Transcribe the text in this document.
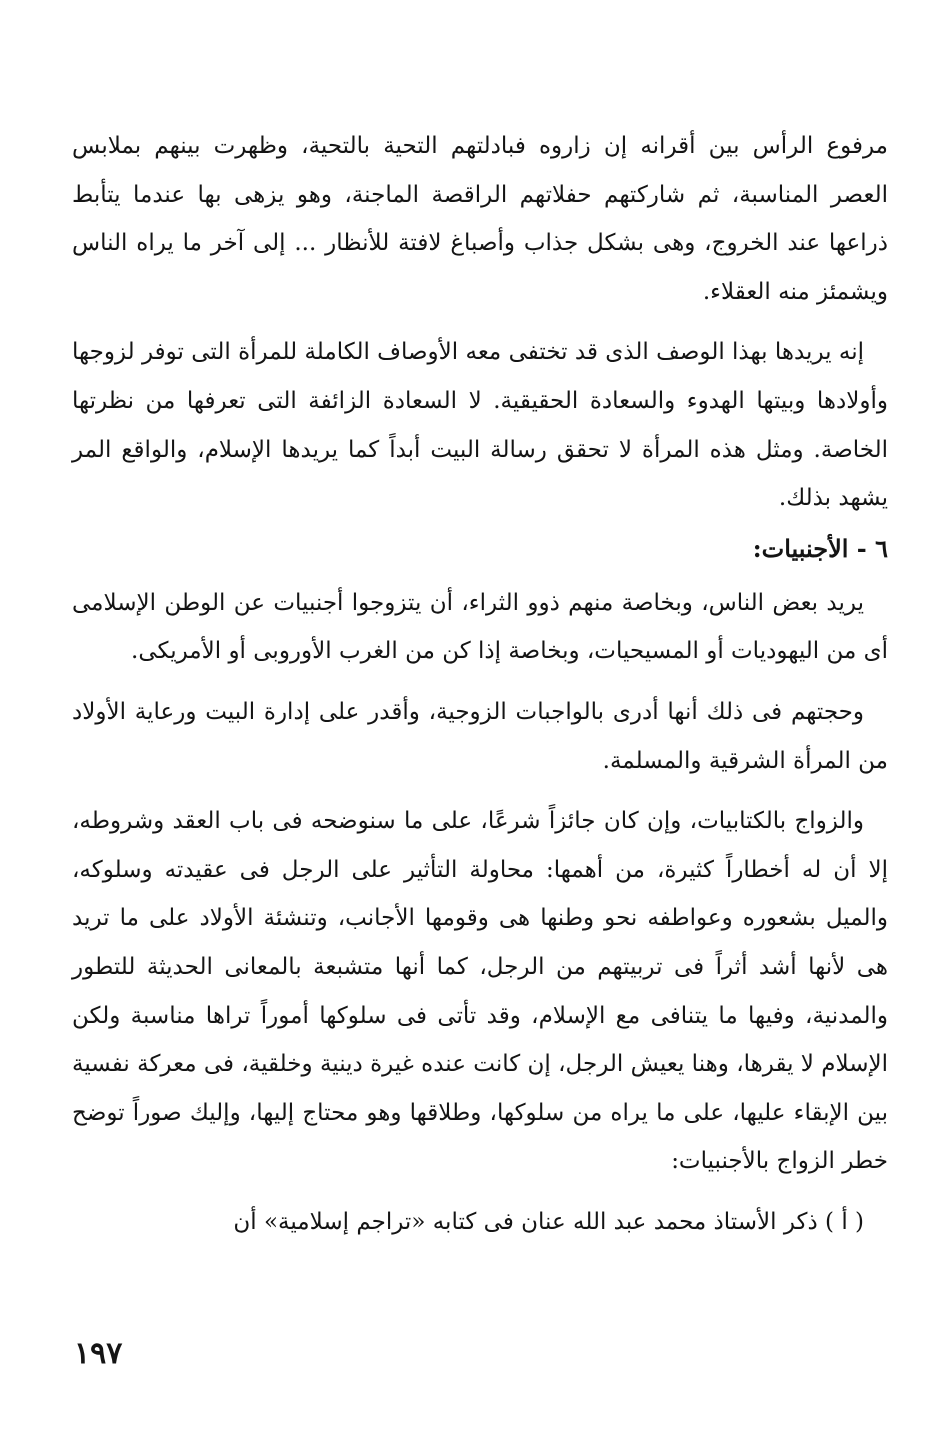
مرفوع الرأس بين أقرانه إن زاروه فبادلتهم التحية بالتحية، وظهرت بينهم بملابس العصر المناسبة، ثم شاركتهم حفلاتهم الراقصة الماجنة، وهو يزهى بها عندما يتأبط ذراعها عند الخروج، وهى بشكل جذاب وأصباغ لافتة للأنظار ... إلى آخر ما يراه الناس ويشمئز منه العقلاء.

إنه يريدها بهذا الوصف الذى قد تختفى معه الأوصاف الكاملة للمرأة التى توفر لزوجها وأولادها وبيتها الهدوء والسعادة الحقيقية. لا السعادة الزائفة التى تعرفها من نظرتها الخاصة. ومثل هذه المرأة لا تحقق رسالة البيت أبداً كما يريدها الإسلام، والواقع المر يشهد بذلك.

٦ - الأجنبيات:

يريد بعض الناس، وبخاصة منهم ذوو الثراء، أن يتزوجوا أجنبيات عن الوطن الإسلامى أى من اليهوديات أو المسيحيات، وبخاصة إذا كن من الغرب الأوروبى أو الأمريكى.

وحجتهم فى ذلك أنها أدرى بالواجبات الزوجية، وأقدر على إدارة البيت ورعاية الأولاد من المرأة الشرقية والمسلمة.

والزواج بالكتابيات، وإن كان جائزاً شرعًا، على ما سنوضحه فى باب العقد وشروطه، إلا أن له أخطاراً كثيرة، من أهمها: محاولة التأثير على الرجل فى عقيدته وسلوكه، والميل بشعوره وعواطفه نحو وطنها هى وقومها الأجانب، وتنشئة الأولاد على ما تريد هى لأنها أشد أثراً فى تربيتهم من الرجل، كما أنها متشبعة بالمعانى الحديثة للتطور والمدنية، وفيها ما يتنافى مع الإسلام، وقد تأتى فى سلوكها أموراً تراها مناسبة ولكن الإسلام لا يقرها، وهنا يعيش الرجل، إن كانت عنده غيرة دينية وخلقية، فى معركة نفسية بين الإبقاء عليها، على ما يراه من سلوكها، وطلاقها وهو محتاج إليها، وإليك صوراً توضح خطر الزواج بالأجنبيات:

( أ ) ذكر الأستاذ محمد عبد الله عنان فى كتابه «تراجم إسلامية» أن

١٩٧
